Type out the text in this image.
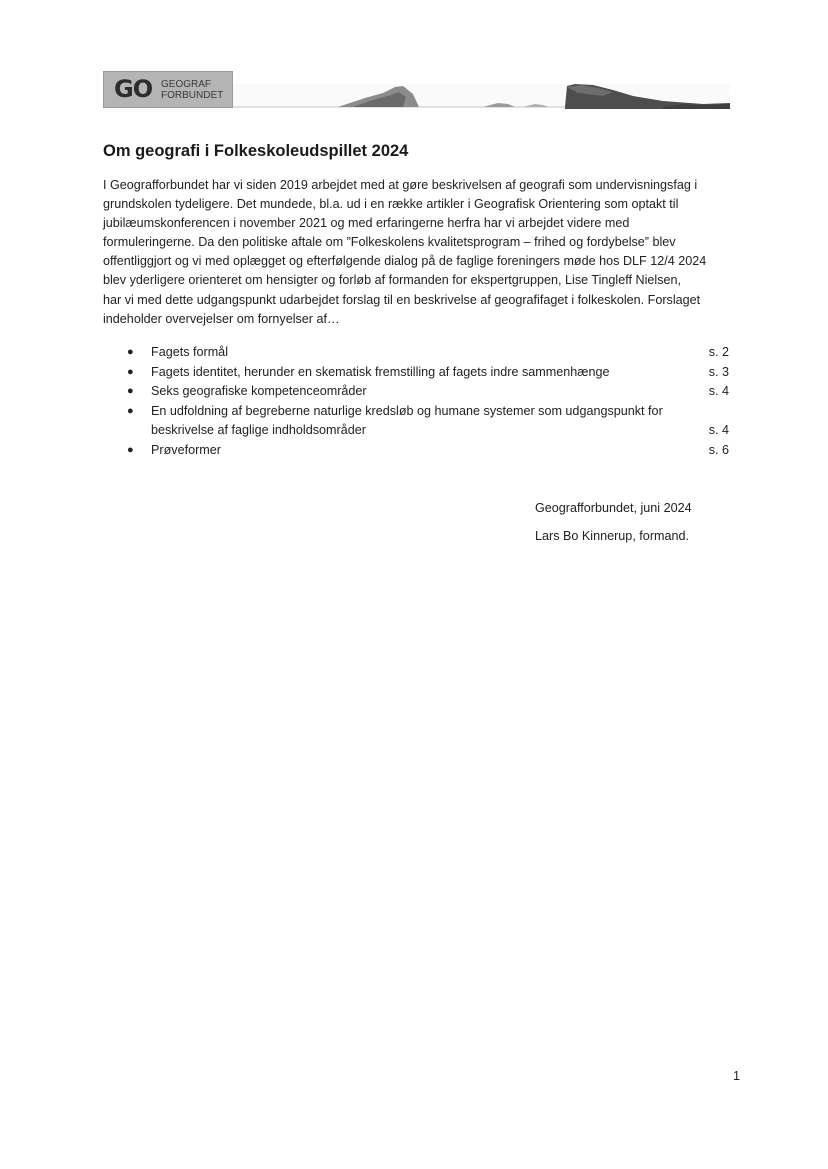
GO GEOGRAF
FORBUNDET
Om geografi i Folkeskoleudspillet 2024
I Geografforbundet har vi siden 2019 arbejdet med at gøre beskrivelsen af geografi som undervisningsfag i
grundskolen tydeligere. Det mundede, bl.a. ud i en række artikler i Geografisk Orientering som optakt til
jubilæumskonferencen i november 2021 og med erfaringerne herfra har vi arbejdet videre med
formuleringerne. Da den politiske aftale om ”Folkeskolens kvalitetsprogram – frihed og fordybelse” blev
offentliggjort og vi med oplægget og efterfølgende dialog på de faglige foreningers møde hos DLF 12/4 2024
blev yderligere orienteret om hensigter og forløb af formanden for ekspertgruppen, Lise Tingleff Nielsen,
har vi med dette udgangspunkt udarbejdet forslag til en beskrivelse af geografifaget i folkeskolen. Forslaget
indeholder overvejelser om fornyelser af…
● Fagets formål	s. 2
● Fagets identitet, herunder en skematisk fremstilling af fagets indre sammenhænge	s. 3
● Seks geografiske kompetenceområder	s. 4
● En udfoldning af begreberne naturlige kredsløb og humane systemer som udgangspunkt for
beskrivelse af faglige indholdsområder	s. 4
● Prøveformer	s. 6
Geografforbundet, juni 2024
Lars Bo Kinnerup, formand.
1
